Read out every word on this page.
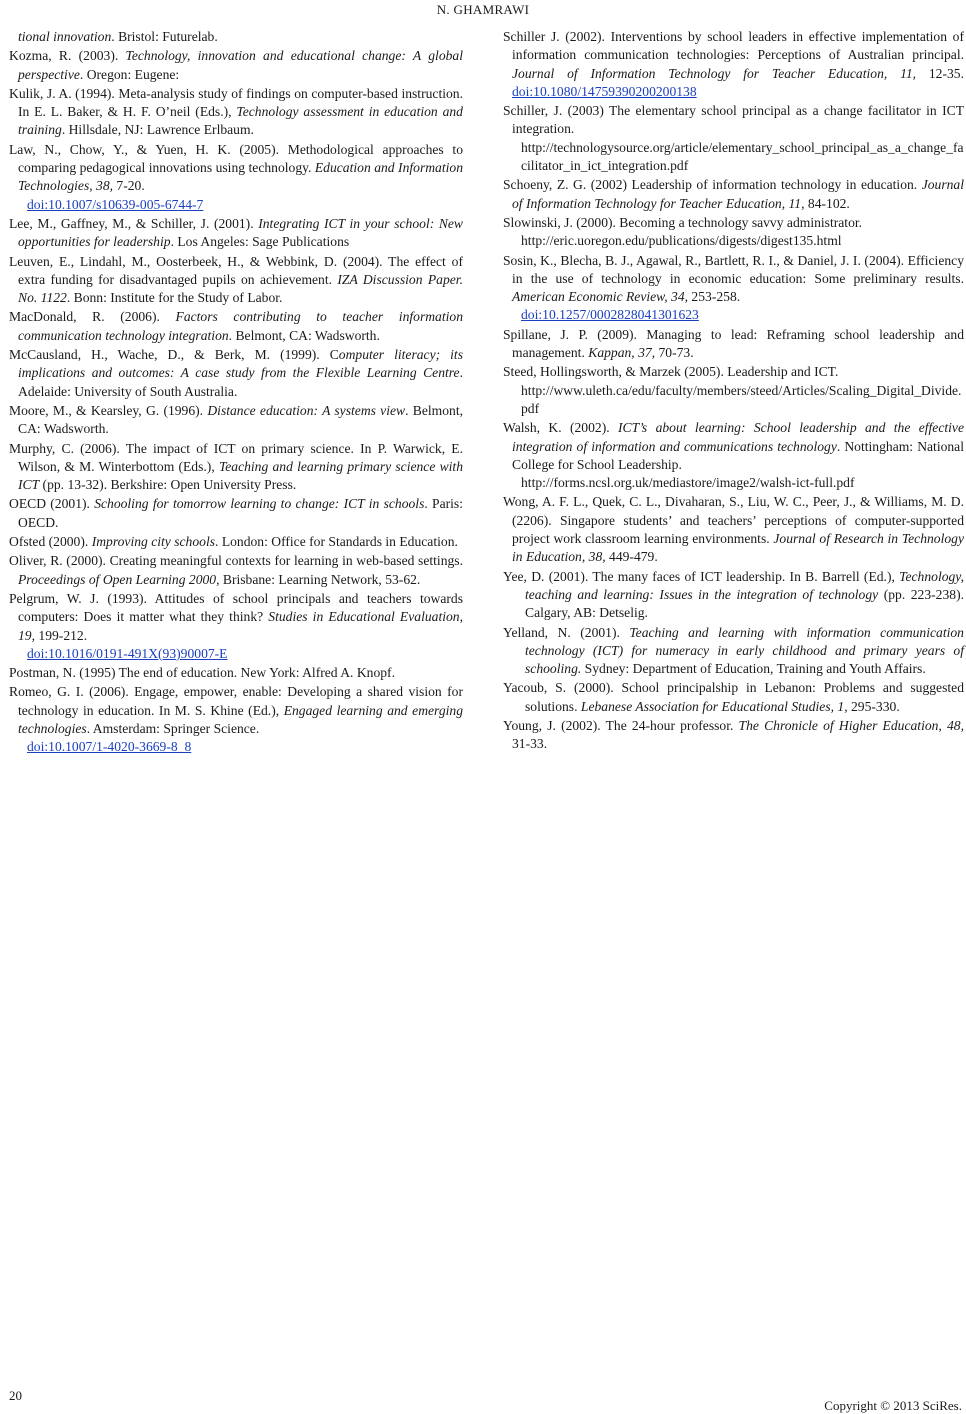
N. GHAMRAWI
tional innovation. Bristol: Futurelab.
Kozma, R. (2003). Technology, innovation and educational change: A global perspective. Oregon: Eugene:
Kulik, J. A. (1994). Meta-analysis study of findings on computer-based instruction. In E. L. Baker, & H. F. O’neil (Eds.), Technology assessment in education and training. Hillsdale, NJ: Lawrence Erlbaum.
Law, N., Chow, Y., & Yuen, H. K. (2005). Methodological approaches to comparing pedagogical innovations using technology. Education and Information Technologies, 38, 7-20.
doi:10.1007/s10639-005-6744-7
Lee, M., Gaffney, M., & Schiller, J. (2001). Integrating ICT in your school: New opportunities for leadership. Los Angeles: Sage Publications
Leuven, E., Lindahl, M., Oosterbeek, H., & Webbink, D. (2004). The effect of extra funding for disadvantaged pupils on achievement. IZA Discussion Paper. No. 1122. Bonn: Institute for the Study of Labor.
MacDonald, R. (2006). Factors contributing to teacher information communication technology integration. Belmont, CA: Wadsworth.
McCausland, H., Wache, D., & Berk, M. (1999). Computer literacy; its implications and outcomes: A case study from the Flexible Learning Centre. Adelaide: University of South Australia.
Moore, M., & Kearsley, G. (1996). Distance education: A systems view. Belmont, CA: Wadsworth.
Murphy, C. (2006). The impact of ICT on primary science. In P. Warwick, E. Wilson, & M. Winterbottom (Eds.), Teaching and learning primary science with ICT (pp. 13-32). Berkshire: Open University Press.
OECD (2001). Schooling for tomorrow learning to change: ICT in schools. Paris: OECD.
Ofsted (2000). Improving city schools. London: Office for Standards in Education.
Oliver, R. (2000). Creating meaningful contexts for learning in web-based settings. Proceedings of Open Learning 2000, Brisbane: Learning Network, 53-62.
Pelgrum, W. J. (1993). Attitudes of school principals and teachers towards computers: Does it matter what they think? Studies in Educational Evaluation, 19, 199-212.
doi:10.1016/0191-491X(93)90007-E
Postman, N. (1995) The end of education. New York: Alfred A. Knopf.
Romeo, G. I. (2006). Engage, empower, enable: Developing a shared vision for technology in education. In M. S. Khine (Ed.), Engaged learning and emerging technologies. Amsterdam: Springer Science.
doi:10.1007/1-4020-3669-8_8
Schiller J. (2002). Interventions by school leaders in effective implementation of information communication technologies: Perceptions of Australian principal. Journal of Information Technology for Teacher Education, 11, 12-35. doi:10.1080/14759390200200138
Schiller, J. (2003) The elementary school principal as a change facilitator in ICT integration.
http://technologysource.org/article/elementary_school_principal_as_a_change_facilitator_in_ict_integration.pdf
Schoeny, Z. G. (2002) Leadership of information technology in education. Journal of Information Technology for Teacher Education, 11, 84-102.
Slowinski, J. (2000). Becoming a technology savvy administrator.
http://eric.uoregon.edu/publications/digests/digest135.html
Sosin, K., Blecha, B. J., Agawal, R., Bartlett, R. I., & Daniel, J. I. (2004). Efficiency in the use of technology in economic education: Some preliminary results. American Economic Review, 34, 253-258.
doi:10.1257/0002828041301623
Spillane, J. P. (2009). Managing to lead: Reframing school leadership and management. Kappan, 37, 70-73.
Steed, Hollingsworth, & Marzek (2005). Leadership and ICT.
http://www.uleth.ca/edu/faculty/members/steed/Articles/Scaling_Digital_Divide.pdf
Walsh, K. (2002). ICT’s about learning: School leadership and the effective integration of information and communications technology. Nottingham: National College for School Leadership.
http://forms.ncsl.org.uk/mediastore/image2/walsh-ict-full.pdf
Wong, A. F. L., Quek, C. L., Divaharan, S., Liu, W. C., Peer, J., & Williams, M. D. (2206). Singapore students’ and teachers’ perceptions of computer-supported project work classroom learning environments. Journal of Research in Technology in Education, 38, 449-479.
Yee, D. (2001). The many faces of ICT leadership. In B. Barrell (Ed.), Technology, teaching and learning: Issues in the integration of technology (pp. 223-238). Calgary, AB: Detselig.
Yelland, N. (2001). Teaching and learning with information communication technology (ICT) for numeracy in early childhood and primary years of schooling. Sydney: Department of Education, Training and Youth Affairs.
Yacoub, S. (2000). School principalship in Lebanon: Problems and suggested solutions. Lebanese Association for Educational Studies, 1, 295-330.
Young, J. (2002). The 24-hour professor. The Chronicle of Higher Education, 48, 31-33.
20
Copyright © 2013 SciRes.
